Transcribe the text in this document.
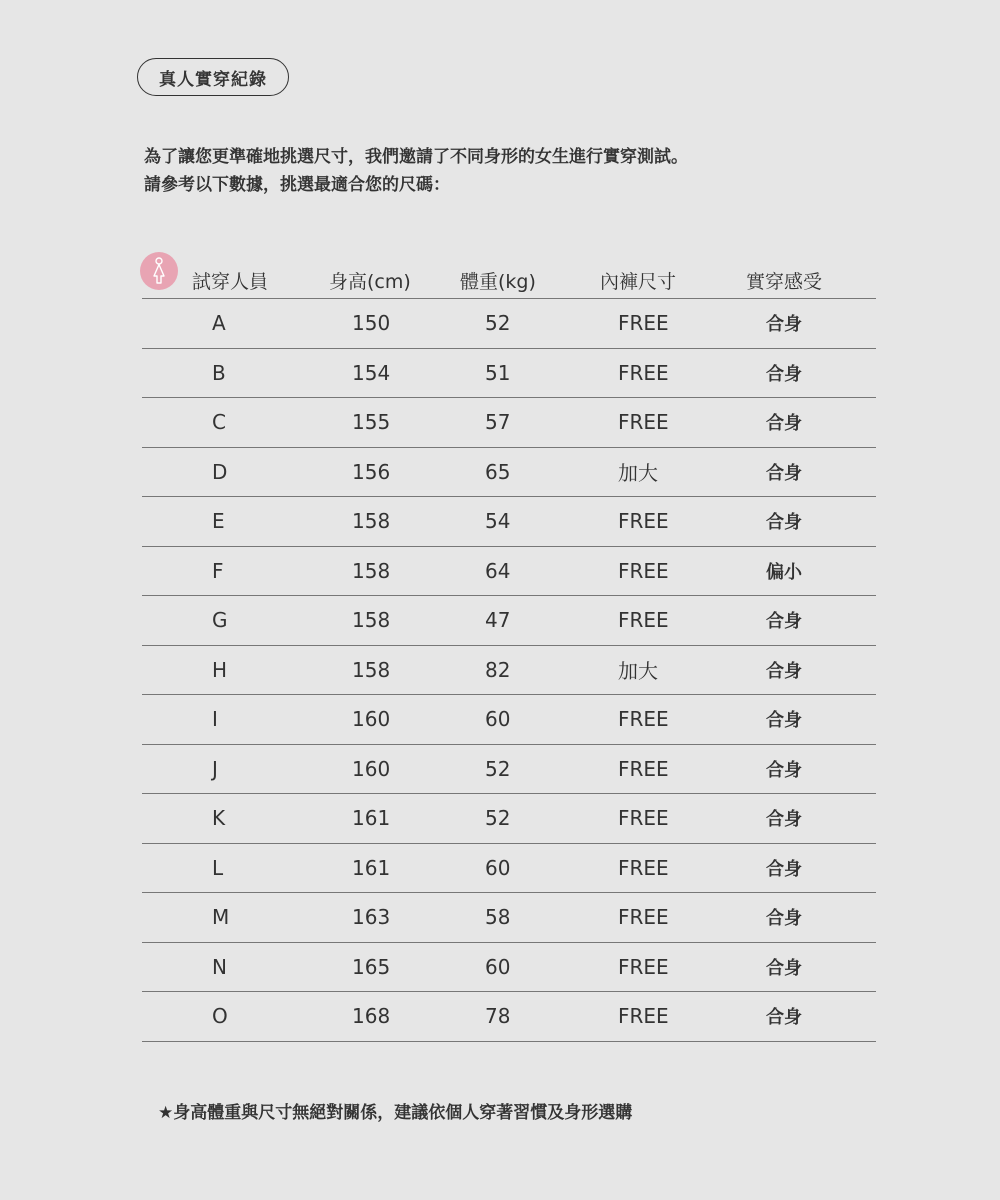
真人實穿紀錄
為了讓您更準確地挑選尺寸，我們邀請了不同身形的女生進行實穿測試。
請參考以下數據，挑選最適合您的尺碼：
試穿人員	身高(cm)	體重(kg)	內褲尺寸	實穿感受
A	150	52	FREE	合身
B	154	51	FREE	合身
C	155	57	FREE	合身
D	156	65	加大	合身
E	158	54	FREE	合身
F	158	64	FREE	偏小
G	158	47	FREE	合身
H	158	82	加大	合身
I	160	60	FREE	合身
J	160	52	FREE	合身
K	161	52	FREE	合身
L	161	60	FREE	合身
M	163	58	FREE	合身
N	165	60	FREE	合身
O	168	78	FREE	合身
★身高體重與尺寸無絕對關係，建議依個人穿著習慣及身形選購
